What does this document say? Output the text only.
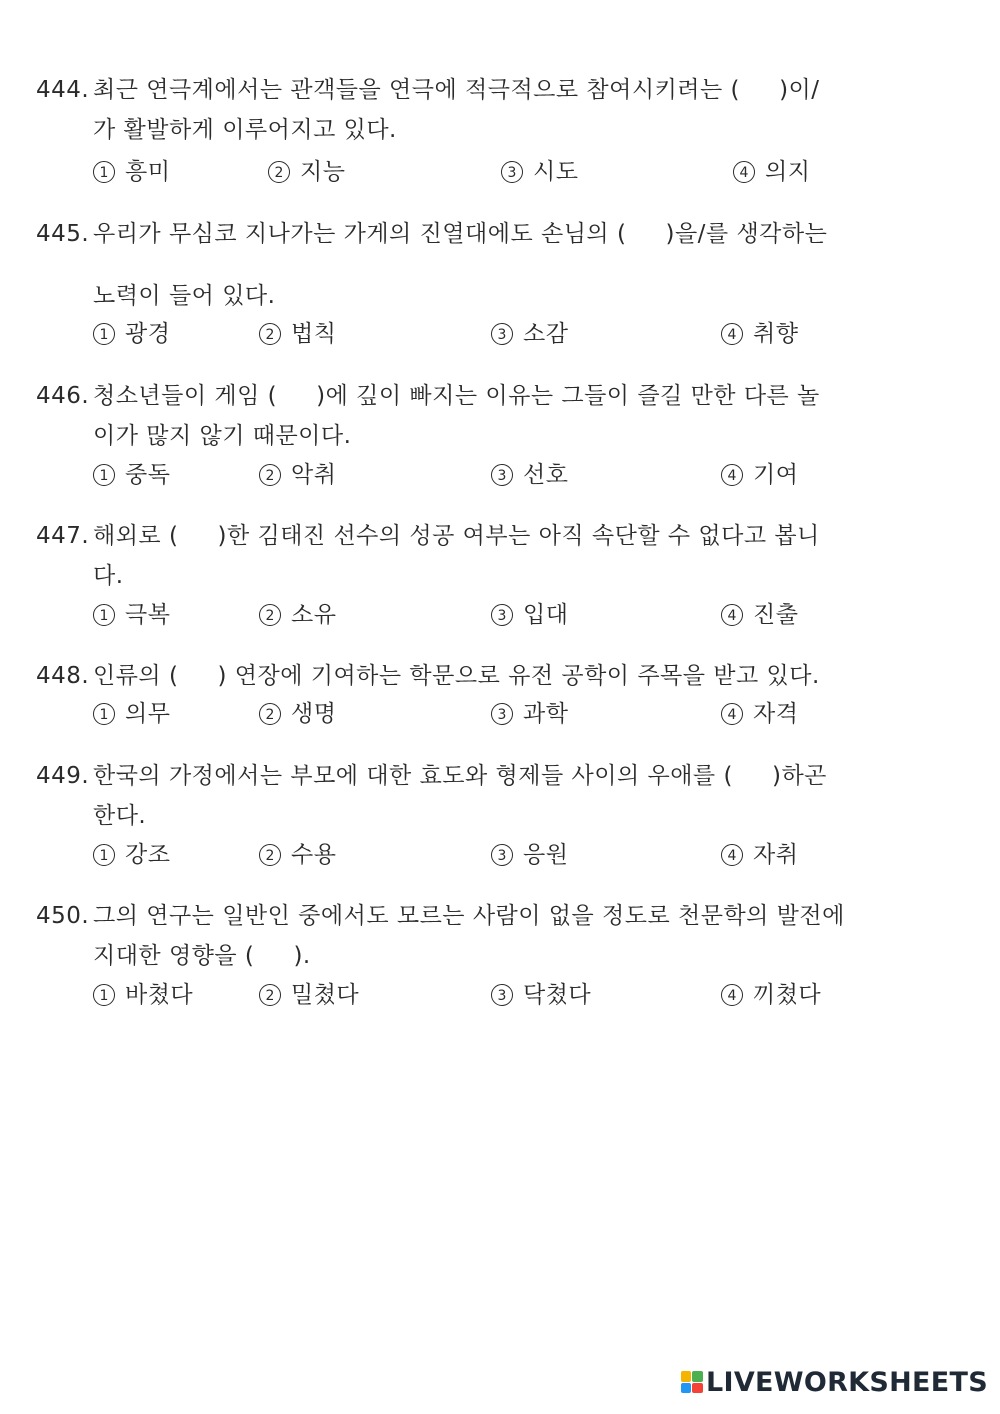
444. 최근 연극계에서는 관객들을 연극에 적극적으로 참여시키려는 (     )이/
가 활발하게 이루어지고 있다.
1 흥미	2 지능	3 시도	4 의지
445. 우리가 무심코 지나가는 가게의 진열대에도 손님의 (     )을/를 생각하는
노력이 들어 있다.
1 광경	2 법칙	3 소감	4 취향
446. 청소년들이 게임 (     )에 깊이 빠지는 이유는 그들이 즐길 만한 다른 놀
이가 많지 않기 때문이다.
1 중독	2 악취	3 선호	4 기여
447. 해외로 (     )한 김태진 선수의 성공 여부는 아직 속단할 수 없다고 봅니
다.
1 극복	2 소유	3 입대	4 진출
448. 인류의 (     ) 연장에 기여하는 학문으로 유전 공학이 주목을 받고 있다.
1 의무	2 생명	3 과학	4 자격
449. 한국의 가정에서는 부모에 대한 효도와 형제들 사이의 우애를 (     )하곤
한다.
1 강조	2 수용	3 응원	4 자취
450. 그의 연구는 일반인 중에서도 모르는 사람이 없을 정도로 천문학의 발전에
지대한 영향을 (     ).
1 바쳤다	2 밀쳤다	3 닥쳤다	4 끼쳤다
LIVEWORKSHEETS
